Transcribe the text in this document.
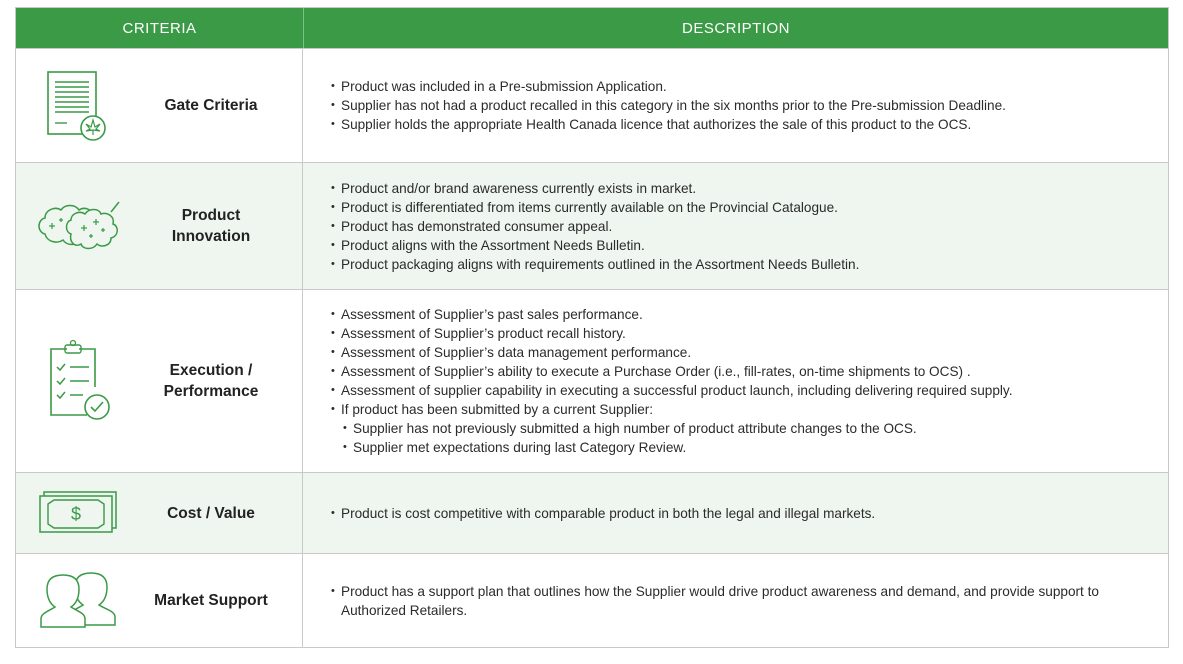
CRITERIA	DESCRIPTION
Gate Criteria
• Product was included in a Pre-submission Application.
• Supplier has not had a product recalled in this category in the six months prior to the Pre-submission Deadline.
• Supplier holds the appropriate Health Canada licence that authorizes the sale of this product to the OCS.
Product
Innovation
• Product and/or brand awareness currently exists in market.
• Product is differentiated from items currently available on the Provincial Catalogue.
• Product has demonstrated consumer appeal.
• Product aligns with the Assortment Needs Bulletin.
• Product packaging aligns with requirements outlined in the Assortment Needs Bulletin.
Execution /
Performance
• Assessment of Supplier’s past sales performance.
• Assessment of Supplier’s product recall history.
• Assessment of Supplier’s data management performance.
• Assessment of Supplier’s ability to execute a Purchase Order (i.e., fill-rates, on-time shipments to OCS) .
• Assessment of supplier capability in executing a successful product launch, including delivering required supply.
• If product has been submitted by a current Supplier:
• Supplier has not previously submitted a high number of product attribute changes to the OCS.
• Supplier met expectations during last Category Review.
$	Cost / Value
•	Product is cost competitive with comparable product in both the legal and illegal markets.
Market Support
• Product has a support plan that outlines how the Supplier would drive product awareness and demand, and provide support to Authorized Retailers.
